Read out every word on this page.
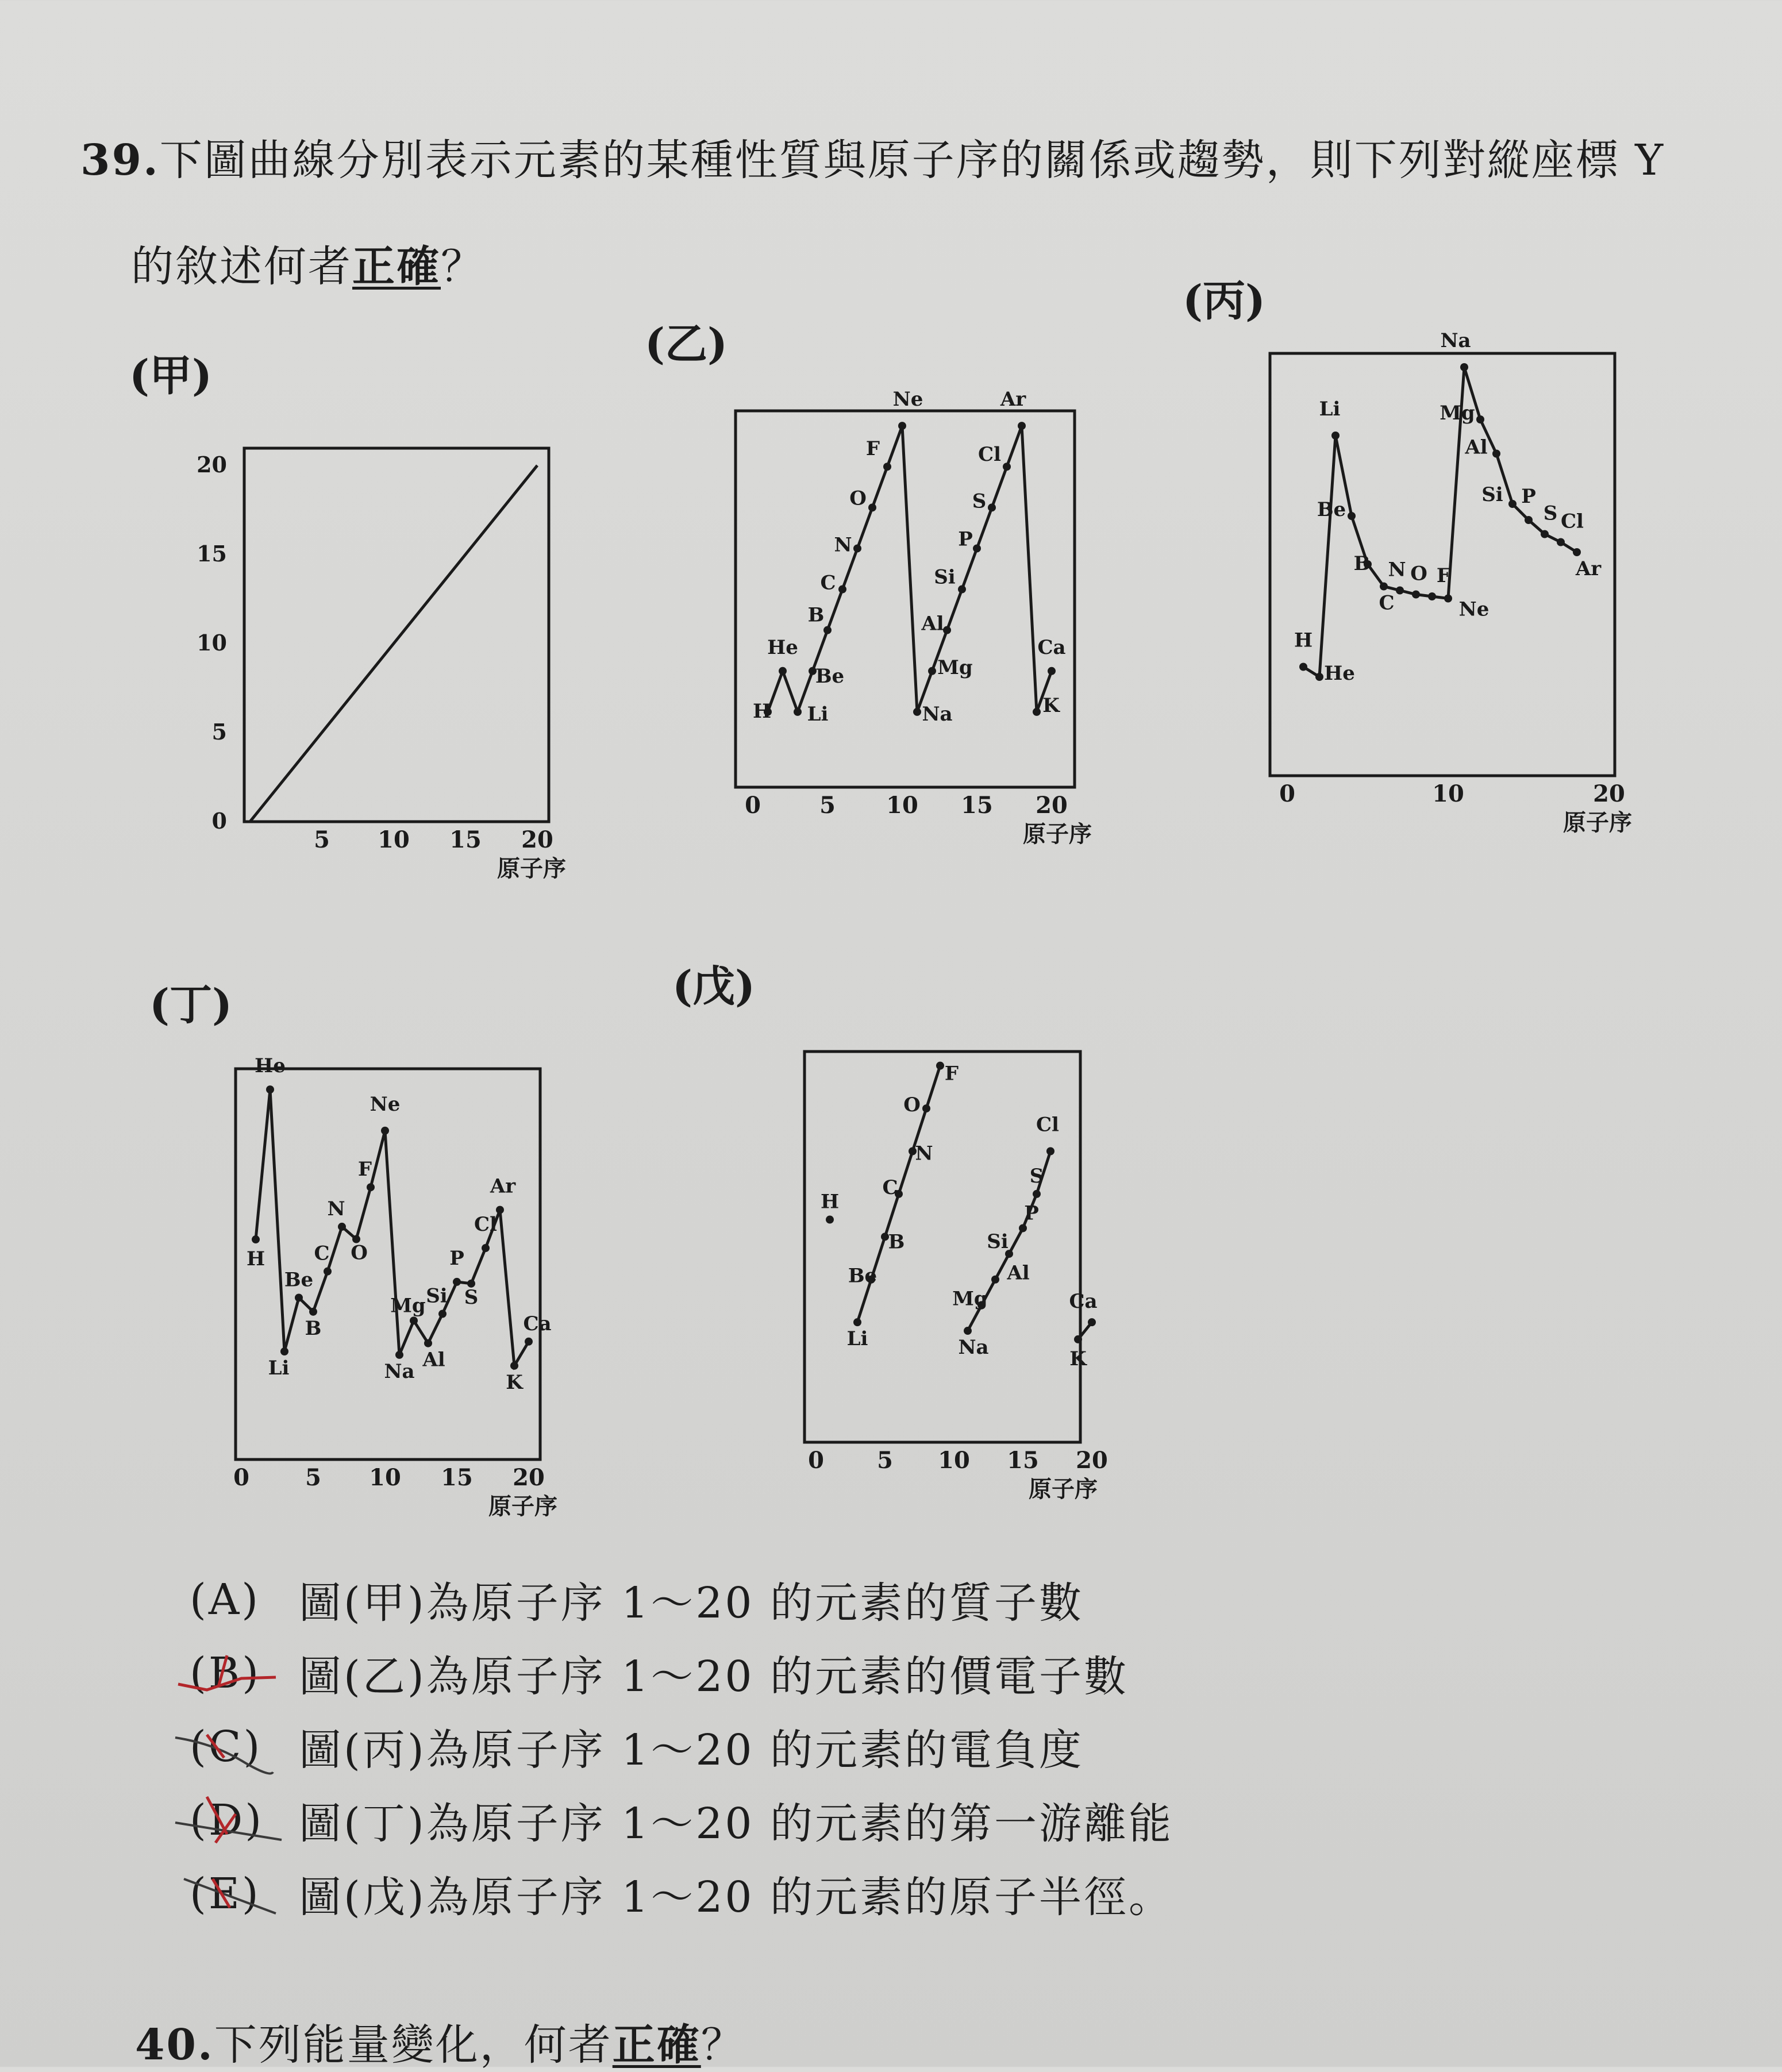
39.下圖曲線分別表示元素的某種性質與原子序的關係或趨勢，則下列對縱座標 Y
的敘述何者正確？
(甲)
(乙)
(丙)
(丁)	(戊)
5 10 15 20
0
5
10
15
20
原子序
0	5 10 15 20
原子序
H
He
Li
Be
B
C
N
O
F
Ne
Na
Mg
Al
Si
P
S
Cl
Ar
K
Ca
0	10	20
原子序
H
He
Li
Be
B
C
N O F
Ne
Na
Mg
Al
Si P
S Cl
Ar
0 5 10 15 20
原子序
H
He
Li
Be
B
C
N
O
F
Ne
Na
Mg
Al
Si
P
S
Cl
Ar
K
Ca
0 5 10 15 20
原子序
H
Li
Be
B
C
N
O
F
Na
Mg
Al
Si
P
S
Cl
K
Ca
(A) 圖(甲)為原子序 1～20 的元素的質子數
(B) 圖(乙)為原子序 1～20 的元素的價電子數
(C) 圖(丙)為原子序 1～20 的元素的電負度
(D) 圖(丁)為原子序 1～20 的元素的第一游離能
(E) 圖(戊)為原子序 1～20 的元素的原子半徑。
40.下列能量變化，何者正確？
